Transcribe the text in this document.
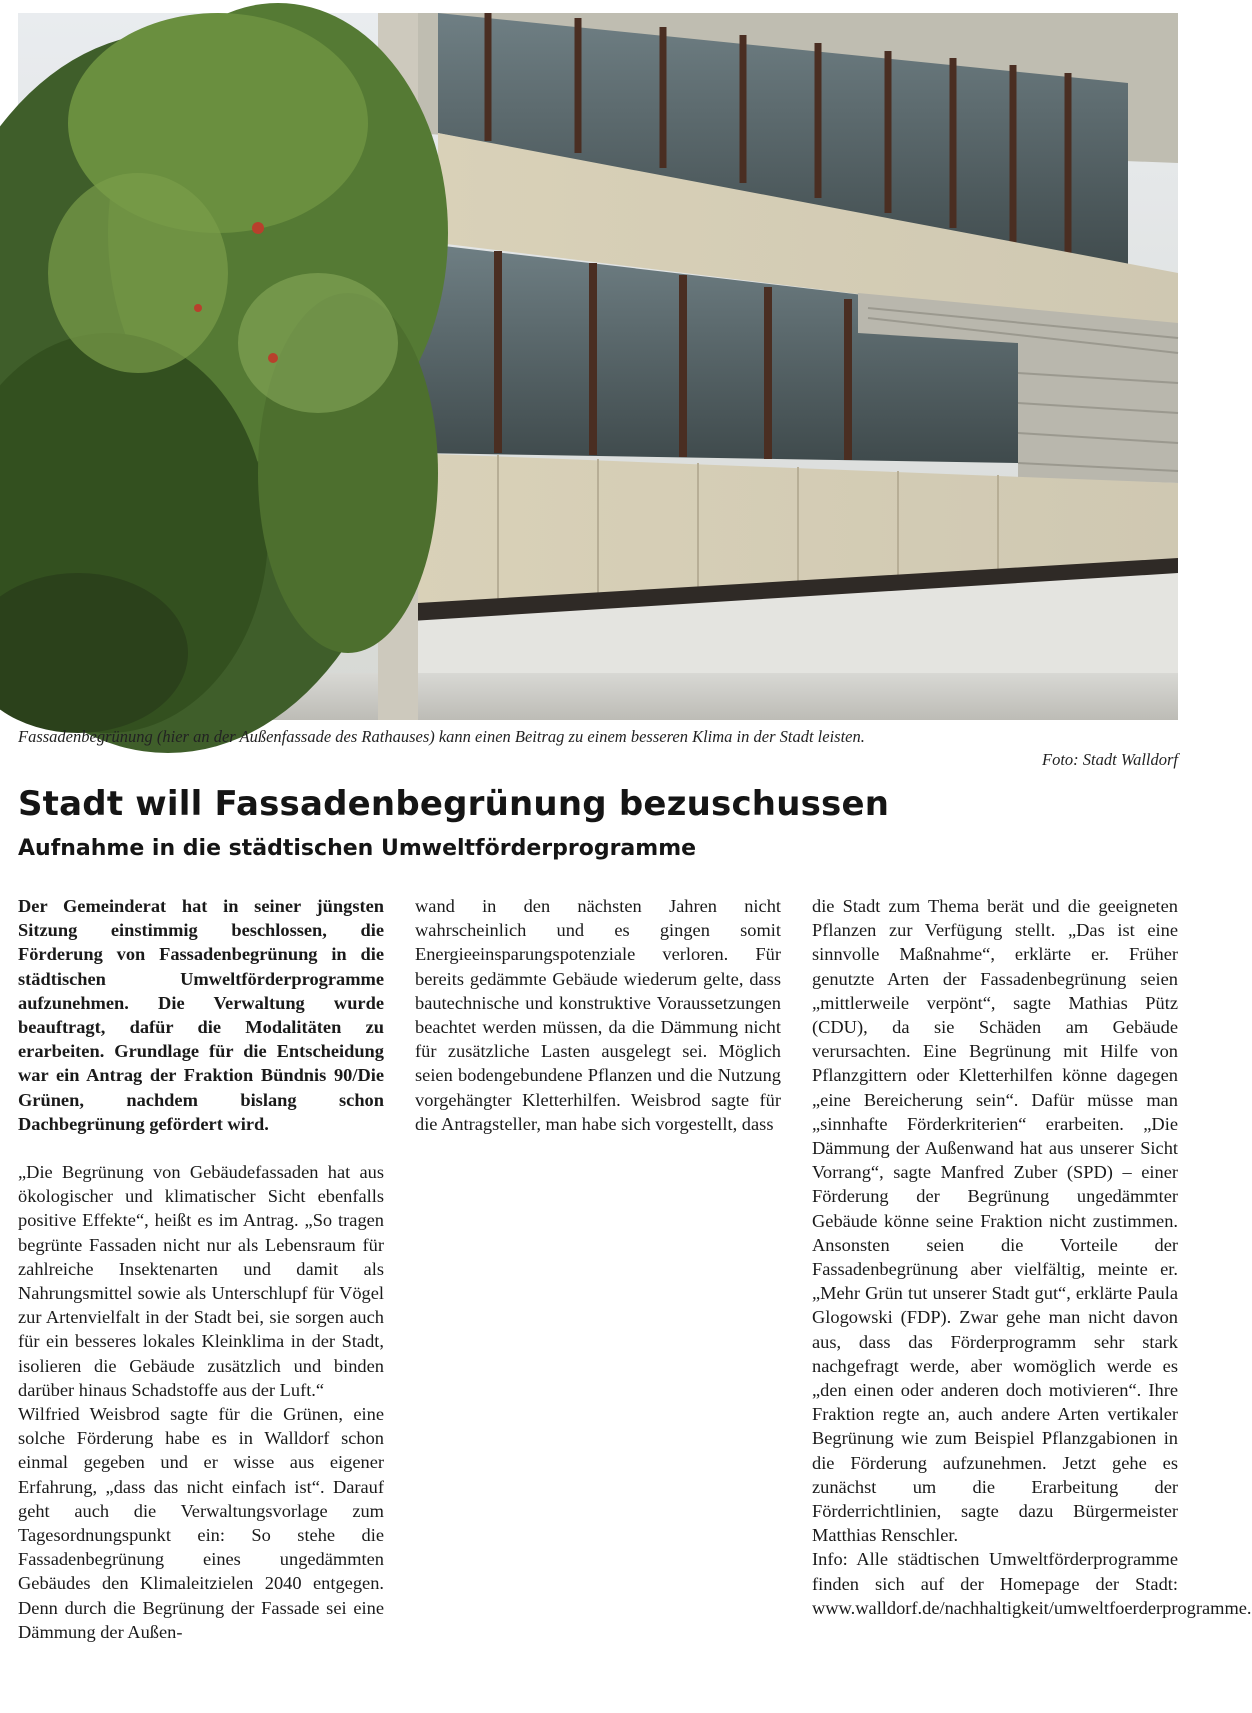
Fassadenbegrünung (hier an der Außenfassade des Rathauses) kann einen Beitrag zu einem besseren Klima in der Stadt leisten.
Foto: Stadt Walldorf
Stadt will Fassadenbegrünung bezuschussen
Aufnahme in die städtischen Umweltförderprogramme

Der Gemeinderat hat in seiner jüngsten Sitzung einstimmig beschlossen, die Förderung von Fassadenbegrünung in die städtischen Umweltförderprogramme aufzunehmen. Die Verwaltung wurde beauftragt, dafür die Modalitäten zu erarbeiten. Grundlage für die Entscheidung war ein Antrag der Fraktion Bündnis 90/Die Grünen, nachdem bislang schon Dachbegrünung gefördert wird.

„Die Begrünung von Gebäudefassaden hat aus ökologischer und klimatischer Sicht ebenfalls positive Effekte“, heißt es im Antrag. „So tragen begrünte Fassaden nicht nur als Lebensraum für zahlreiche Insektenarten und damit als Nahrungsmittel sowie als Unterschlupf für Vögel zur Artenvielfalt in der Stadt bei, sie sorgen auch für ein besseres lokales Kleinklima in der Stadt, isolieren die Gebäude zusätzlich und binden darüber hinaus Schadstoffe aus der Luft.“

Wilfried Weisbrod sagte für die Grünen, eine solche Förderung habe es in Walldorf schon einmal gegeben und er wisse aus eigener Erfahrung, „dass das nicht einfach ist“. Darauf geht auch die Verwaltungsvorlage zum Tagesordnungspunkt ein: So stehe die Fassadenbegrünung eines ungedämmten Gebäudes den Klimaleitzielen 2040 entgegen. Denn durch die Begrünung der Fassade sei eine Dämmung der Außen-

wand in den nächsten Jahren nicht wahrscheinlich und es gingen somit Energieeinsparungspotenziale verloren. Für bereits gedämmte Gebäude wiederum gelte, dass bautechnische und konstruktive Voraussetzungen beachtet werden müssen, da die Dämmung nicht für zusätzliche Lasten ausgelegt sei. Möglich seien bodengebundene Pflanzen und die Nutzung vorgehängter Kletterhilfen. Weisbrod sagte für die Antragsteller, man habe sich vorgestellt, dass

die Stadt zum Thema berät und die geeigneten Pflanzen zur Verfügung stellt. „Das ist eine sinnvolle Maßnahme“, erklärte er. Früher genutzte Arten der Fassadenbegrünung seien „mittlerweile verpönt“, sagte Mathias Pütz (CDU), da sie Schäden am Gebäude verursachten. Eine Begrünung mit Hilfe von Pflanzgittern oder Kletterhilfen könne dagegen „eine Bereicherung sein“. Dafür müsse man „sinnhafte Förderkriterien“ erarbeiten. „Die Dämmung der Außenwand hat aus unserer Sicht Vorrang“, sagte Manfred Zuber (SPD) – einer Förderung der Begrünung ungedämmter Gebäude könne seine Fraktion nicht zustimmen. Ansonsten seien die Vorteile der Fassadenbegrünung aber vielfältig, meinte er. „Mehr Grün tut unserer Stadt gut“, erklärte Paula Glogowski (FDP). Zwar gehe man nicht davon aus, dass das Förderprogramm sehr stark nachgefragt werde, aber womöglich werde es „den einen oder anderen doch motivieren“. Ihre Fraktion regte an, auch andere Arten vertikaler Begrünung wie zum Beispiel Pflanzgabionen in die Förderung aufzunehmen. Jetzt gehe es zunächst um die Erarbeitung der Förderrichtlinien, sagte dazu Bürgermeister Matthias Renschler.

Info: Alle städtischen Umweltförderprogramme finden sich auf der Homepage der Stadt: www.walldorf.de/nachhaltigkeit/umweltfoerderprogramme.
